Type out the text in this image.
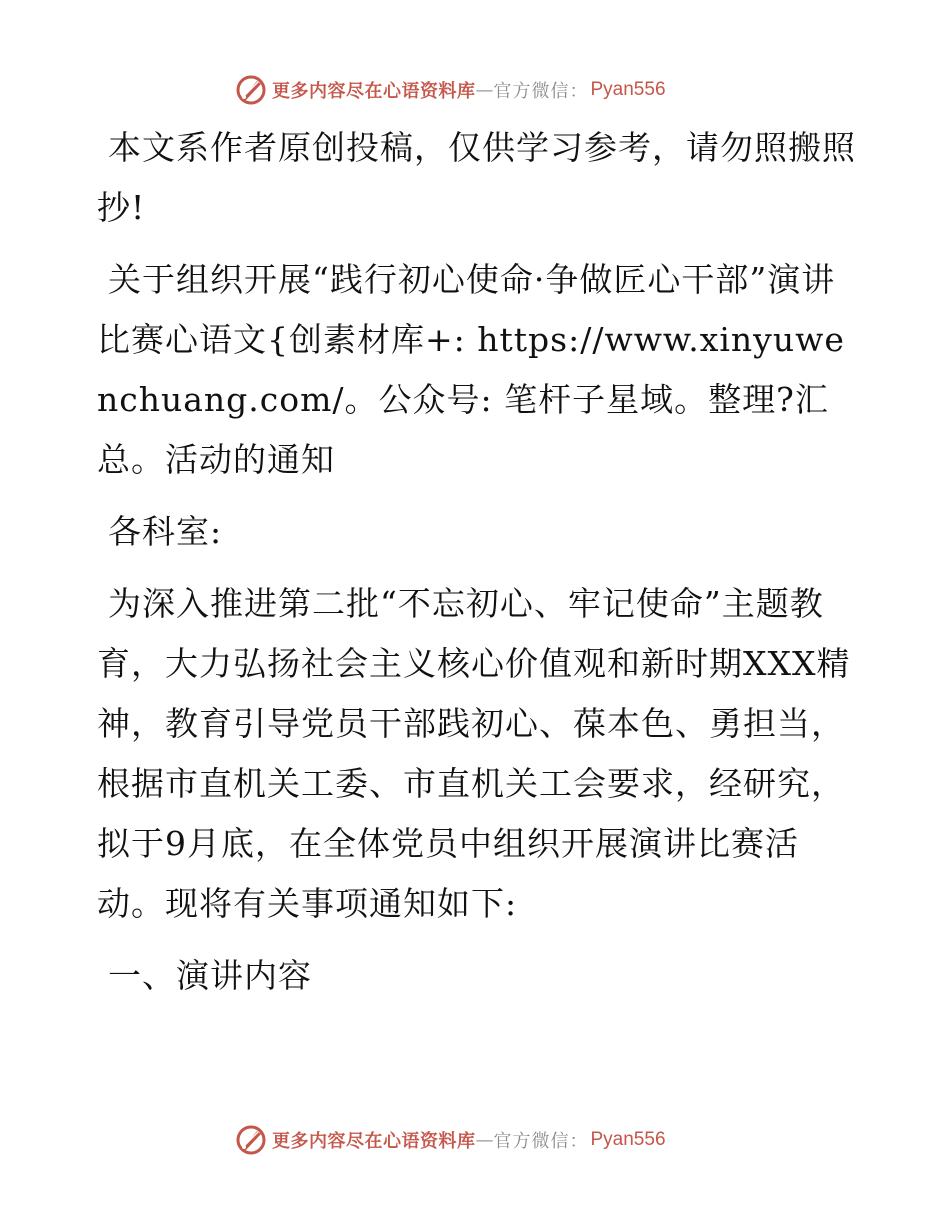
更多内容尽在心语资料库 — 官方微信： Pyan556

本文系作者原创投稿，仅供学习参考，请勿照搬照抄!

关于组织开展“践行初心使命·争做匠心干部”演讲比赛心语文{创素材库+: https://www.xinyuwenchuang.com/。公众号: 笔杆子星域。整理?汇总。活动的通知

各科室:

为深入推进第二批“不忘初心、牢记使命”主题教育，大力弘扬社会主义核心价值观和新时期XXX精神，教育引导党员干部践初心、葆本色、勇担当，根据市直机关工委、市直机关工会要求，经研究，拟于9月底，在全体党员中组织开展演讲比赛活动。现将有关事项通知如下:

一、演讲内容

更多内容尽在心语资料库 — 官方微信： Pyan556
